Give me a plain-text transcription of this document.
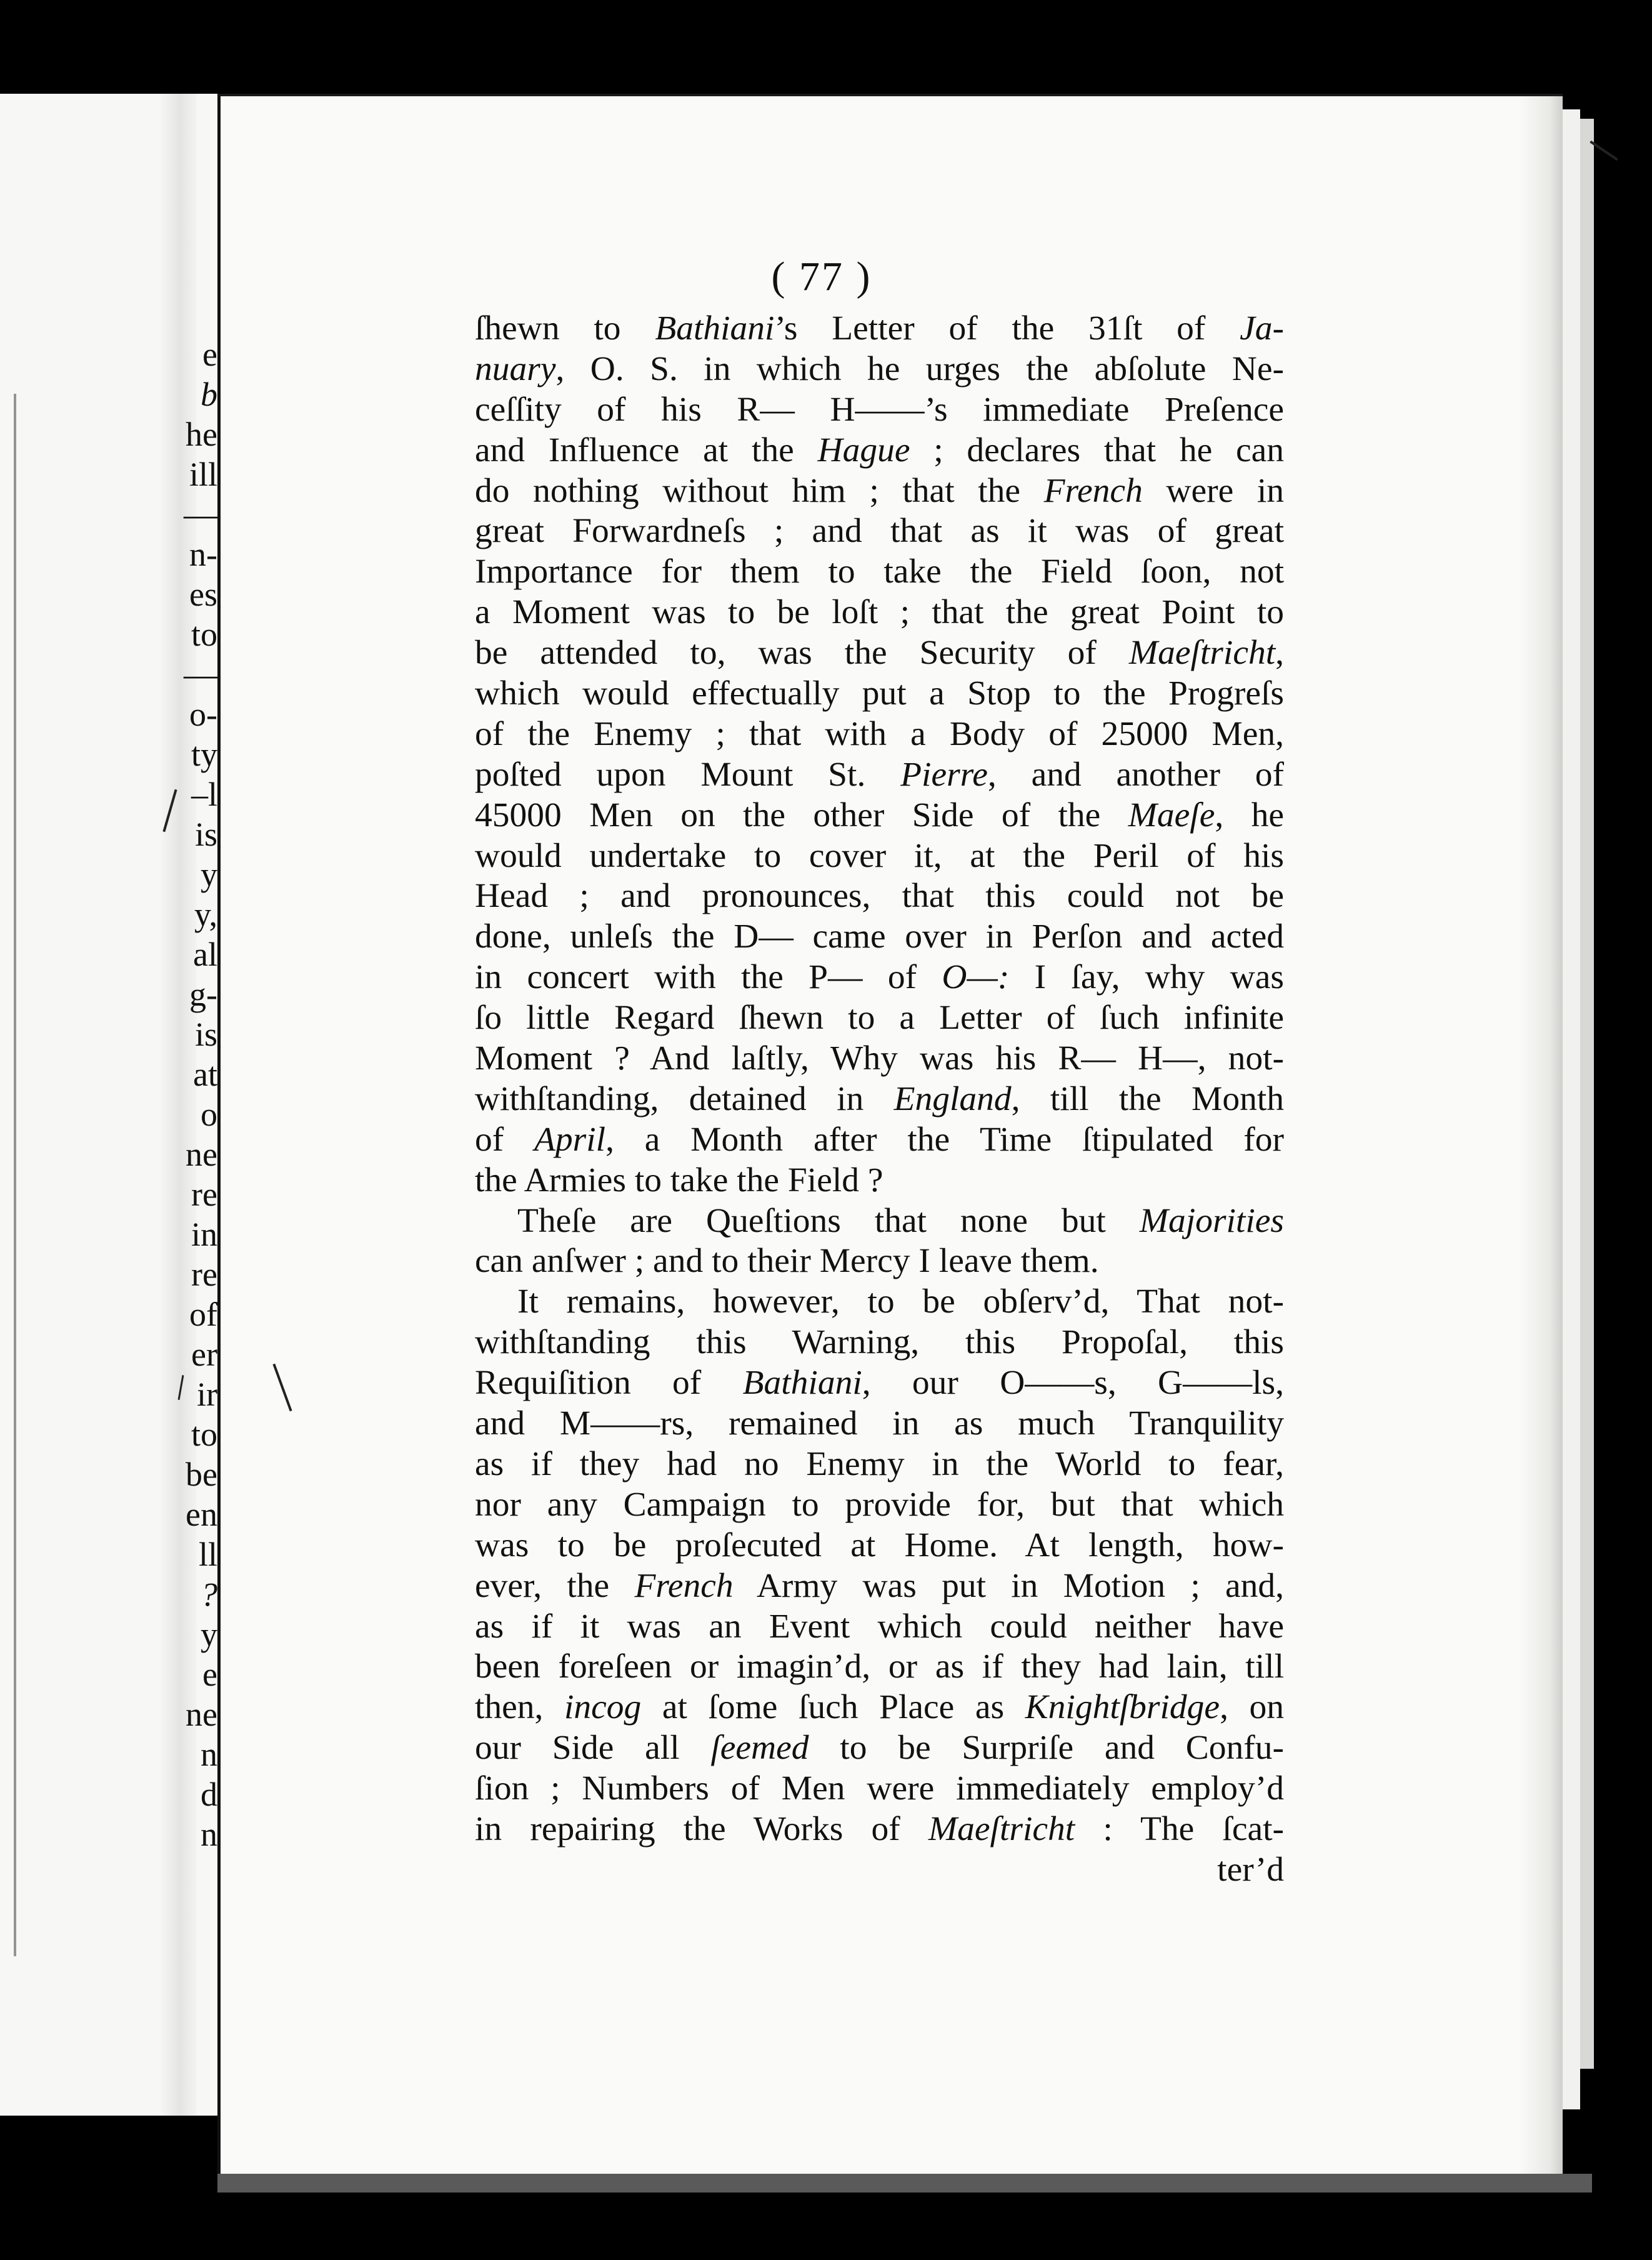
e
b
he
ill
—
n-
es
to
—
o-
ty
–l
is
y
y,
al
g-
is
at
o
ne
re
in
re
of
er
ir
to
be
en
ll
?
y
e
ne
n
d
n
( 77 )
ſhewn to Bathiani’s Letter of the 31ſt of Ja-
nuary, O. S. in which he urges the abſolute Ne-
ceſſity of his R— H——’s immediate Preſence
and Influence at the Hague ; declares that he can
do nothing without him ; that the French were in
great Forwardneſs ; and that as it was of great
Importance for them to take the Field ſoon, not
a Moment was to be loſt ; that the great Point to
be attended to, was the Security of Maeſtricht,
which would effectually put a Stop to the Progreſs
of the Enemy ; that with a Body of 25000 Men,
poſted upon Mount St. Pierre, and another of
45000 Men on the other Side of the Maeſe, he
would undertake to cover it, at the Peril of his
Head ; and pronounces, that this could not be
done, unleſs the D— came over in Perſon and acted
in concert with the P— of O—: I ſay, why was
ſo little Regard ſhewn to a Letter of ſuch infinite
Moment ? And laſtly, Why was his R— H—, not-
withſtanding, detained in England, till the Month
of April, a Month after the Time ſtipulated for
the Armies to take the Field ?
Theſe are Queſtions that none but Majorities
can anſwer ; and to their Mercy I leave them.
It remains, however, to be obſerv’d, That not-
withſtanding this Warning, this Propoſal, this
Requiſition of Bathiani, our O——s, G——ls,
and M——rs, remained in as much Tranquility
as if they had no Enemy in the World to fear,
nor any Campaign to provide for, but that which
was to be proſecuted at Home. At length, how-
ever, the French Army was put in Motion ; and,
as if it was an Event which could neither have
been foreſeen or imagin’d, or as if they had lain, till
then, incog at ſome ſuch Place as Knightſbridge, on
our Side all ſeemed to be Surpriſe and Confu-
ſion ; Numbers of Men were immediately employ’d
in repairing the Works of Maeſtricht : The ſcat-
ter’d
